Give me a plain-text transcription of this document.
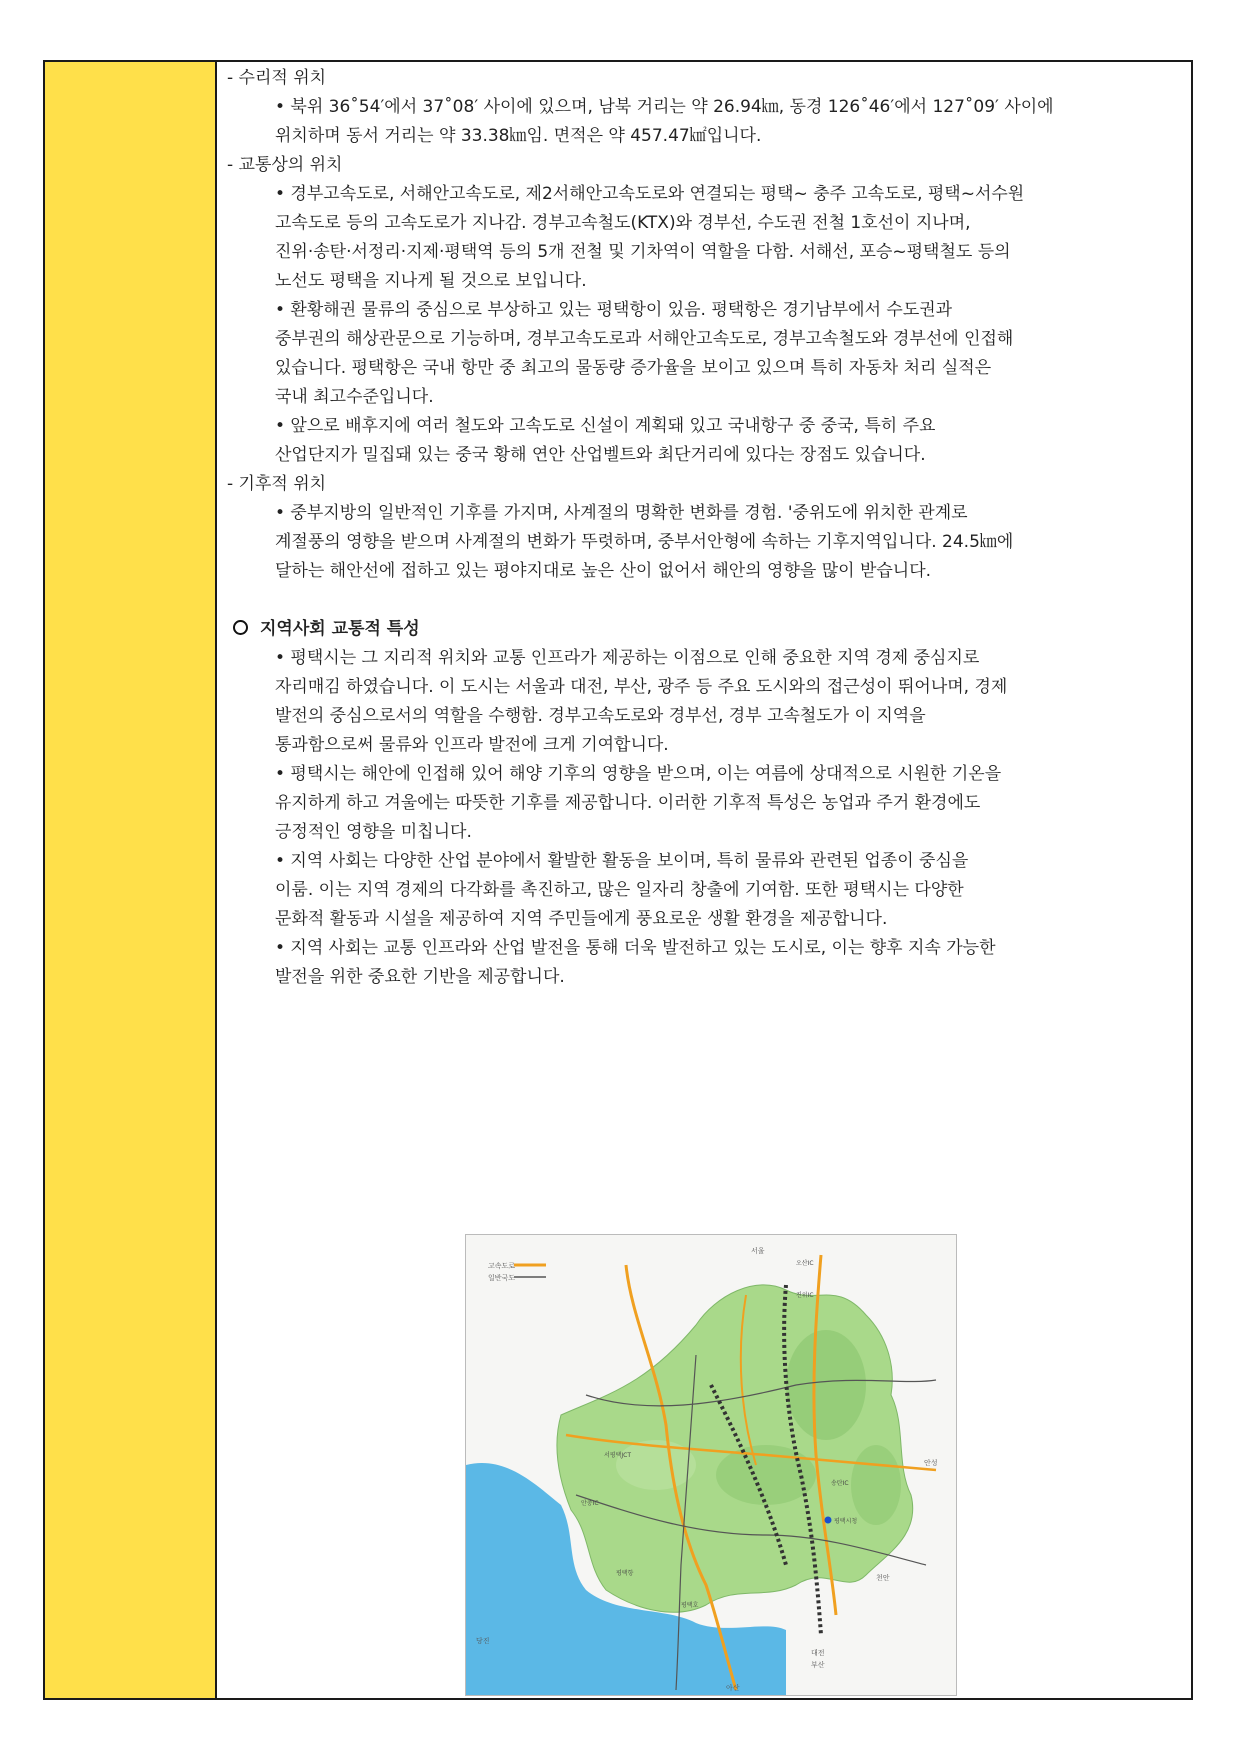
- 수리적 위치

• 북위 36˚54′에서 37˚08′ 사이에 있으며, 남북 거리는 약 26.94㎞, 동경 126˚46′에서 127˚09′ 사이에

위치하며 동서 거리는 약 33.38㎞임. 면적은 약 457.47㎢입니다.

- 교통상의 위치

• 경부고속도로, 서해안고속도로, 제2서해안고속도로와 연결되는 평택~ 충주 고속도로, 평택~서수원

고속도로 등의 고속도로가 지나감. 경부고속철도(KTX)와 경부선, 수도권 전철 1호선이 지나며,

진위·송탄·서정리·지제·평택역 등의 5개 전철 및 기차역이 역할을 다함. 서해선, 포승~평택철도 등의

노선도 평택을 지나게 될 것으로 보입니다.

• 환황해권 물류의 중심으로 부상하고 있는 평택항이 있음. 평택항은 경기남부에서 수도권과

중부권의 해상관문으로 기능하며, 경부고속도로과 서해안고속도로, 경부고속철도와 경부선에 인접해

있습니다. 평택항은 국내 항만 중 최고의 물동량 증가율을 보이고 있으며 특히 자동차 처리 실적은

국내 최고수준입니다.

• 앞으로 배후지에 여러 철도와 고속도로 신설이 계획돼 있고 국내항구 중 중국, 특히 주요

산업단지가 밀집돼 있는 중국 황해 연안 산업벨트와 최단거리에 있다는 장점도 있습니다.

- 기후적 위치

• 중부지방의 일반적인 기후를 가지며, 사계절의 명확한 변화를 경험. '중위도에 위치한 관계로

계절풍의 영향을 받으며 사계절의 변화가 뚜렷하며, 중부서안형에 속하는 기후지역입니다. 24.5㎞에

달하는 해안선에 접하고 있는 평야지대로 높은 산이 없어서 해안의 영향을 많이 받습니다.

지역사회 교통적 특성

• 평택시는 그 지리적 위치와 교통 인프라가 제공하는 이점으로 인해 중요한 지역 경제 중심지로

자리매김 하였습니다. 이 도시는 서울과 대전, 부산, 광주 등 주요 도시와의 접근성이 뛰어나며, 경제

발전의 중심으로서의 역할을 수행함. 경부고속도로와 경부선, 경부 고속철도가 이 지역을

통과함으로써 물류와 인프라 발전에 크게 기여합니다.

• 평택시는 해안에 인접해 있어 해양 기후의 영향을 받으며, 이는 여름에 상대적으로 시원한 기온을

유지하게 하고 겨울에는 따뜻한 기후를 제공합니다. 이러한 기후적 특성은 농업과 주거 환경에도

긍정적인 영향을 미칩니다.

• 지역 사회는 다양한 산업 분야에서 활발한 활동을 보이며, 특히 물류와 관련된 업종이 중심을

이룸. 이는 지역 경제의 다각화를 촉진하고, 많은 일자리 창출에 기여함. 또한 평택시는 다양한

문화적 활동과 시설을 제공하여 지역 주민들에게 풍요로운 생활 환경을 제공합니다.

• 지역 사회는 교통 인프라와 산업 발전을 통해 더욱 발전하고 있는 도시로, 이는 향후 지속 가능한

발전을 위한 중요한 기반을 제공합니다.

고속도로
일반국도
서울
오산IC
진위IC
서평택JCT
안중IC
평택항
평택호
송탄IC
평택시청
안성
천안
대전
부산
아산
당진
